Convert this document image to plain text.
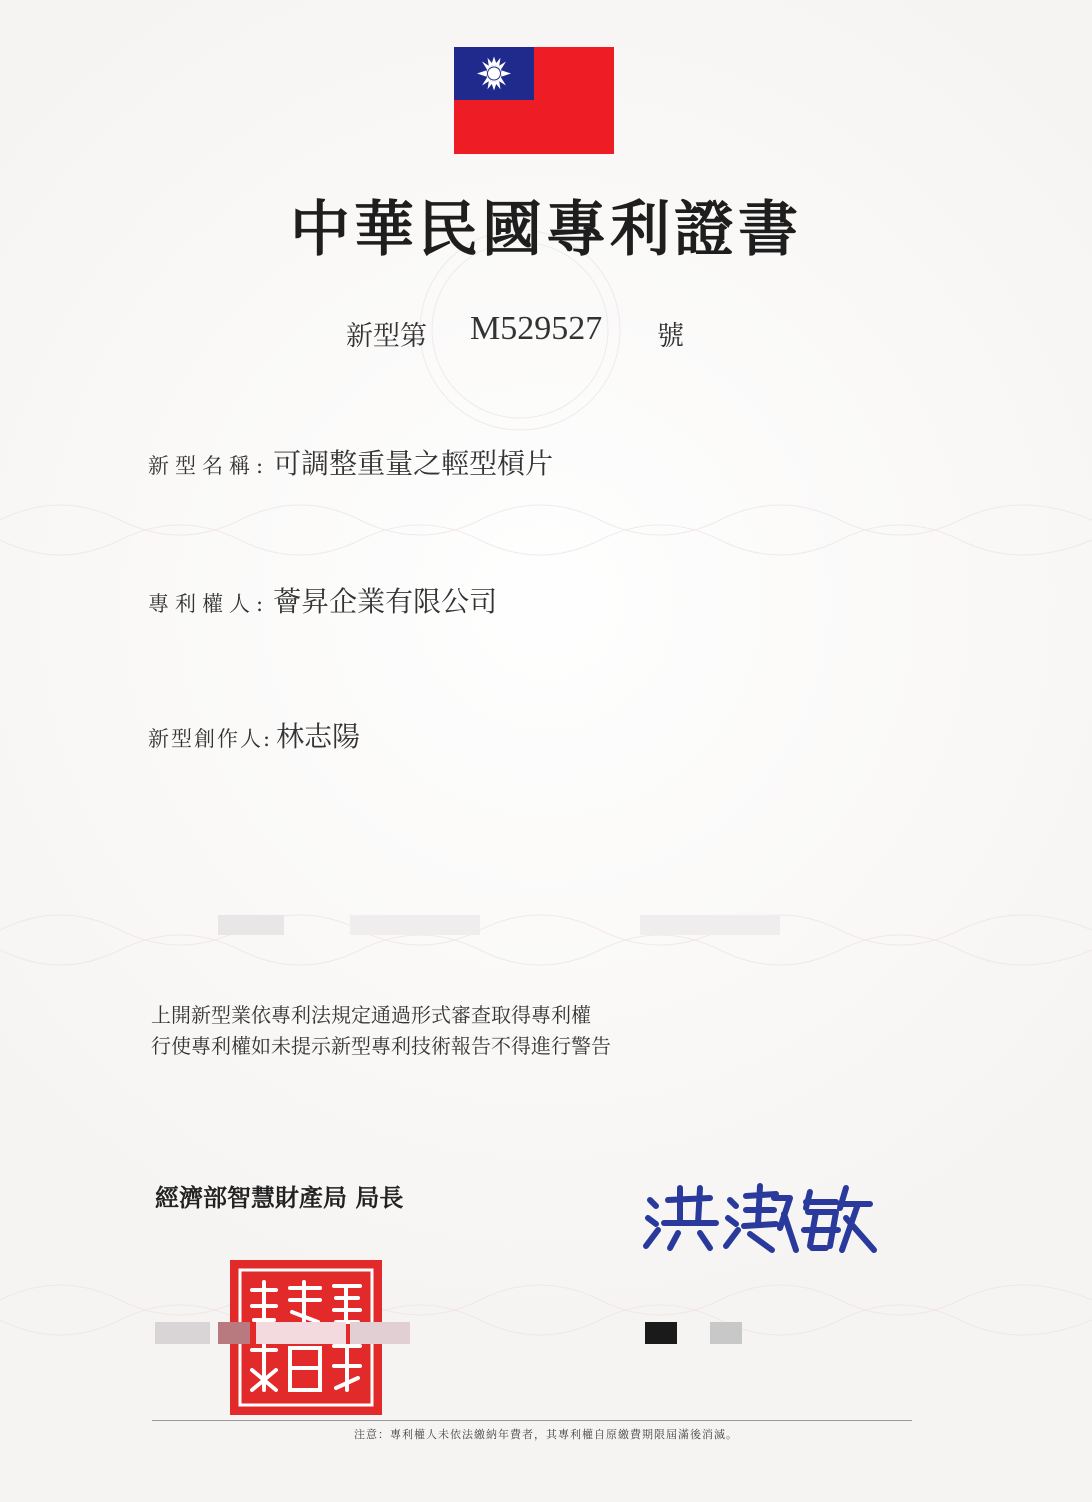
中華民國專利證書
新型第 M529527 號
新型名稱: 可調整重量之輕型槓片
專利權人: 薈昇企業有限公司
新型創作人: 林志陽
上開新型業依專利法規定通過形式審查取得專利權
行使專利權如未提示新型專利技術報告不得進行警告
經濟部智慧財產局 局長
注意：專利權人未依法繳納年費者，其專利權自原繳費期限屆滿後消滅。
